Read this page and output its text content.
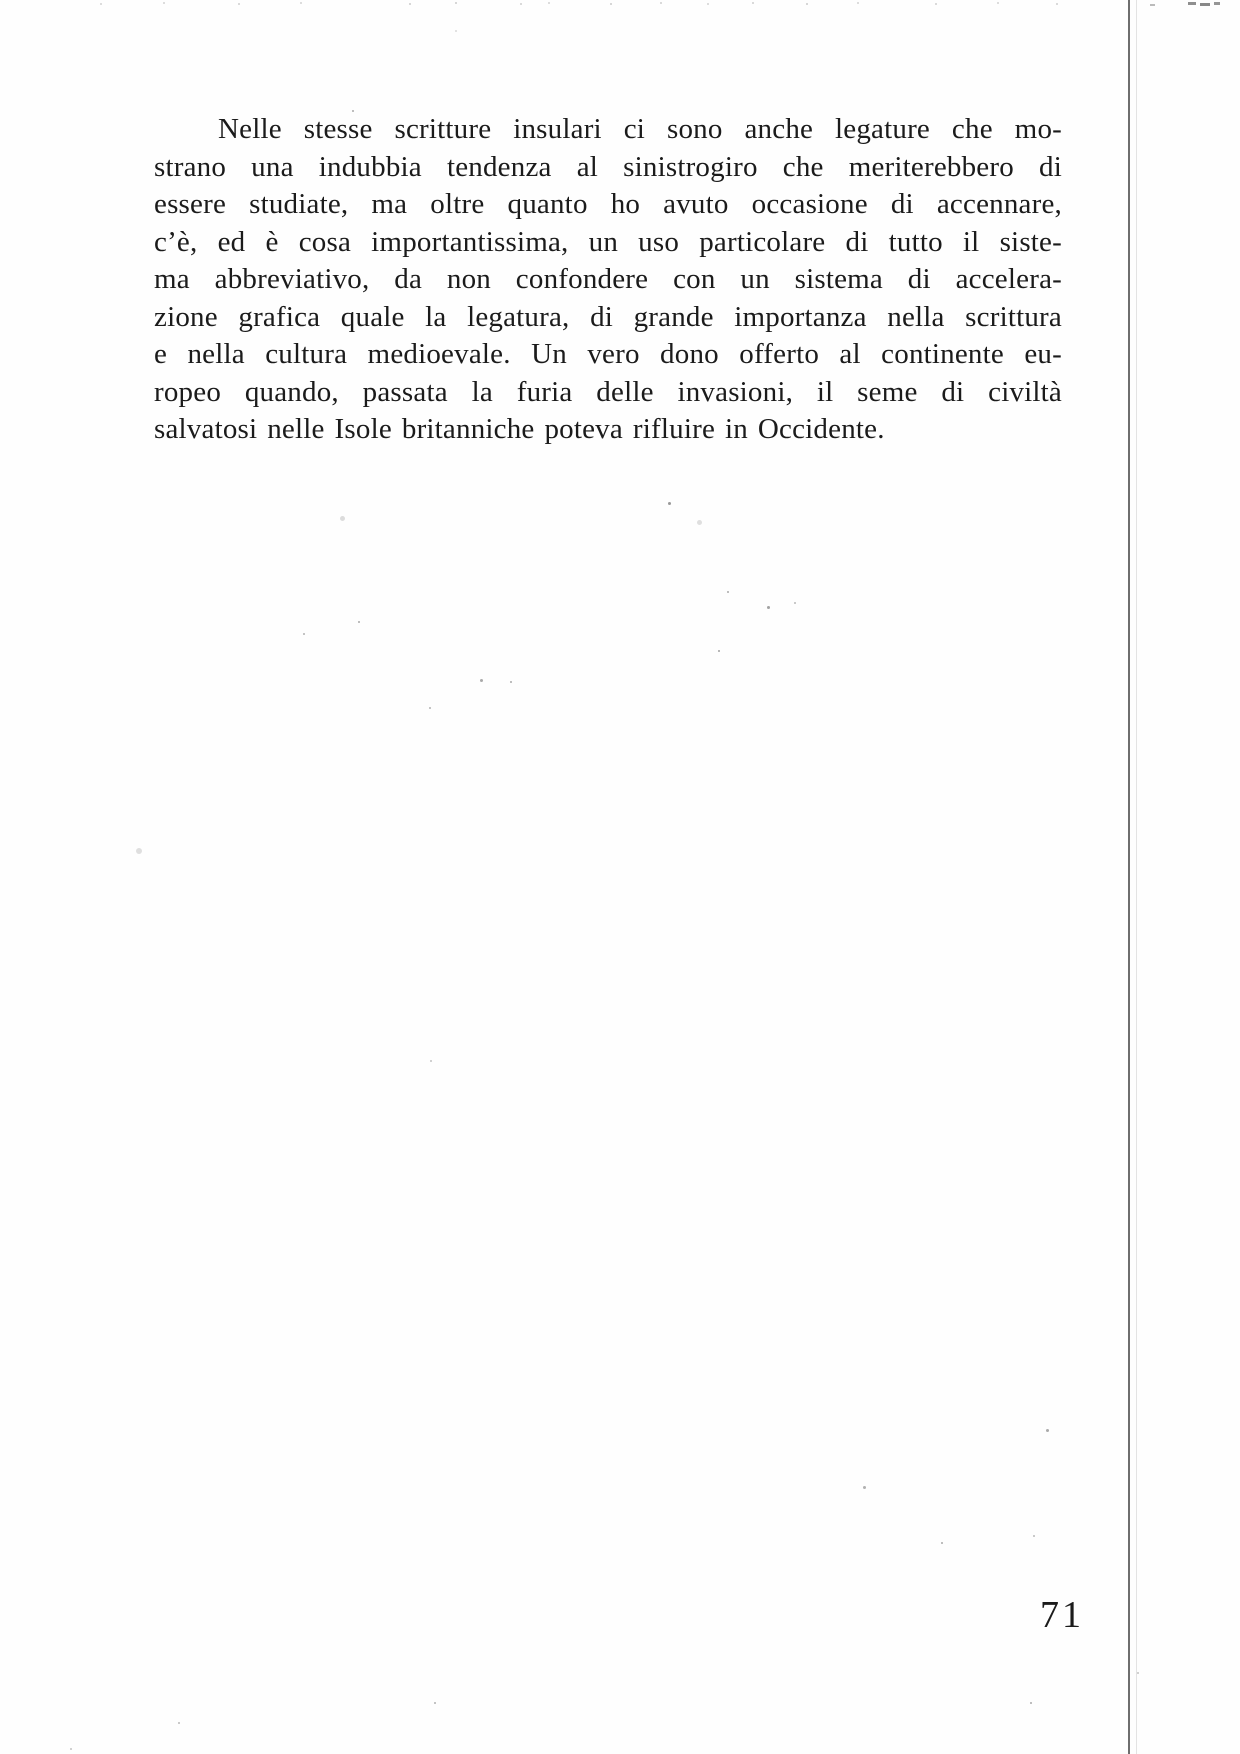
Nelle stesse scritture insulari ci sono anche legature che mo-

strano una indubbia tendenza al sinistrogiro che meriterebbero di

essere studiate, ma oltre quanto ho avuto occasione di accennare,

c’è, ed è cosa importantissima, un uso particolare di tutto il siste-

ma abbreviativo, da non confondere con un sistema di accelera-

zione grafica quale la legatura, di grande importanza nella scrittura

e nella cultura medioevale. Un vero dono offerto al continente eu-

ropeo quando, passata la furia delle invasioni, il seme di civiltà

salvatosi nelle Isole britanniche poteva rifluire in Occidente.

71
